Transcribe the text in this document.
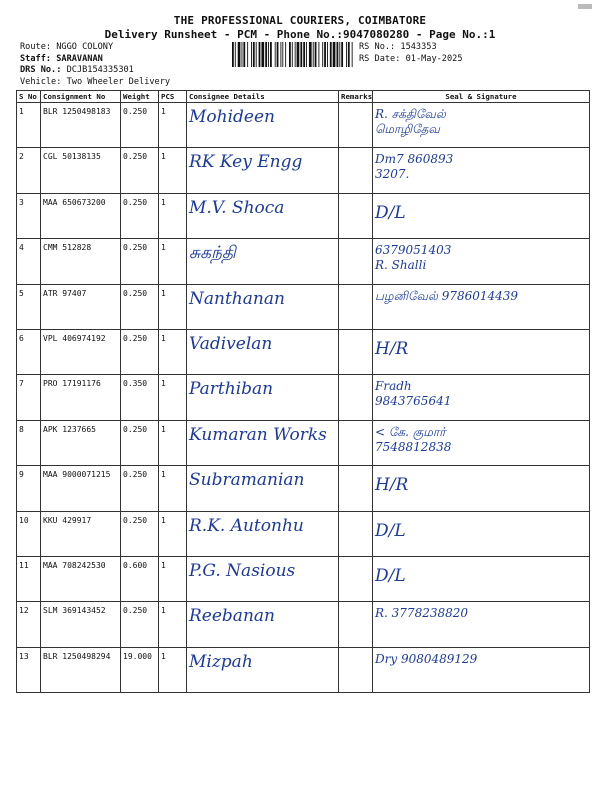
THE PROFESSIONAL COURIERS, COIMBATORE
Delivery Runsheet - PCM - Phone No.:9047080280 - Page No.:1
Route: NGGO COLONY
Staff: SARAVANAN
DRS No.: DCJB154335301
Vehicle: Two Wheeler Delivery
RS No.: 1543353
RS Date: 01-May-2025
S No	Consignment No	Weight	PCS	Consignee Details	Remarks	Seal & Signature
1	BLR 1250498183	0.250	1	Mohideen		R. சக்திவேல்
மொழிதேவ

2	CGL 50138135	0.250	1	RK Key Engg		Dm7 860893
3207.

3	MAA 650673200	0.250	1	M.V. Shoca		D/L

4	CMM 512828	0.250	1	சுகந்தி		6379051403
R. Shalli

5	ATR 97407	0.250	1	Nanthanan		பழனிவேல் 9786014439

6	VPL 406974192	0.250	1	Vadivelan		H/R

7	PRO 17191176	0.350	1	Parthiban		Fradh
9843765641

8	APK 1237665	0.250	1	Kumaran Works		< கே. குமார்
7548812838

9	MAA 9000071215	0.250	1	Subramanian		H/R

10	KKU 429917	0.250	1	R.K. Autonhu		D/L

11	MAA 708242530	0.600	1	P.G. Nasious		D/L

12	SLM 369143452	0.250	1	Reebanan		R. 3778238820

13	BLR 1250498294	19.000	1	Mizpah		Dry 9080489129
